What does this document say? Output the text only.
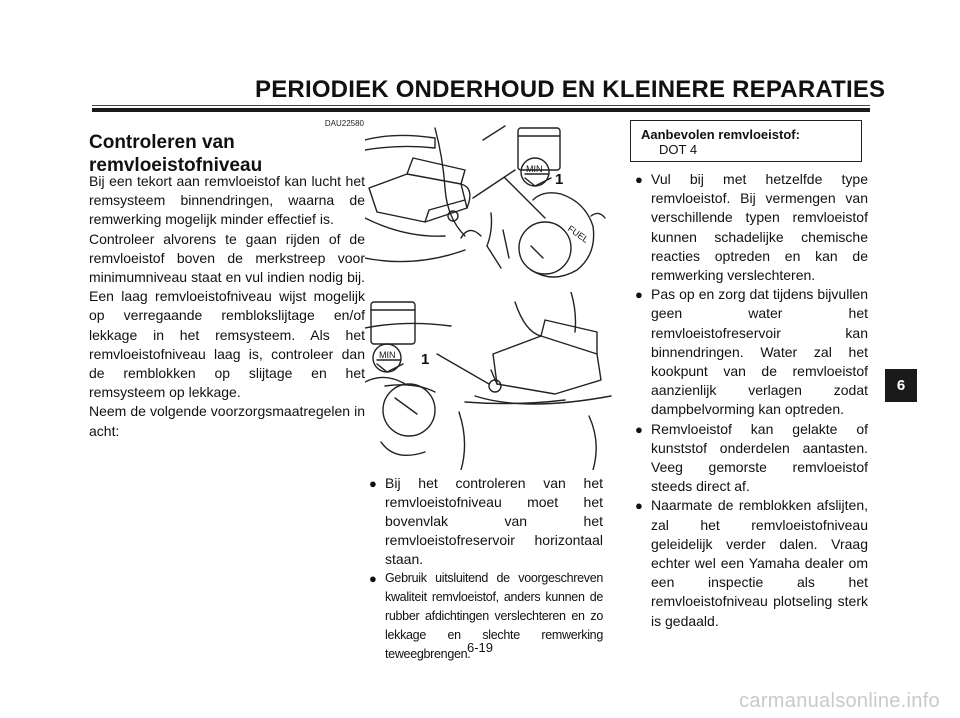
PERIODIEK ONDERHOUD EN KLEINERE REPARATIES
DAU22580
Controleren van
remvloeistofniveau

Bij een tekort aan remvloeistof kan lucht het remsysteem binnendringen, waarna de remwerking mogelijk minder effectief is.

Controleer alvorens te gaan rijden of de remvloeistof boven de merkstreep voor minimumniveau staat en vul indien nodig bij. Een laag remvloeistofniveau wijst mogelijk op verregaande remblokslijtage en/of lekkage in het remsysteem. Als het remvloeistofniveau laag is, controleer dan de remblokken op slijtage en het remsysteem op lekkage.

Neem de volgende voorzorgsmaatregelen in acht:

MIN
1
FUEL
MIN 1
● Bij het controleren van het remvloeistofniveau moet het bovenvlak van het remvloeistofreservoir horizontaal staan.
● Gebruik uitsluitend de voorgeschreven kwaliteit remvloeistof, anders kunnen de rubber afdichtingen verslechteren en zo lekkage en slechte remwerking teweegbrengen.
Aanbevolen remvloeistof:
DOT 4
● Vul bij met hetzelfde type remvloeistof. Bij vermengen van verschillende typen remvloeistof kunnen schadelijke chemische reacties optreden en kan de remwerking verslechteren.
● Pas op en zorg dat tijdens bijvullen geen water het remvloeistofreservoir kan binnendringen. Water zal het kookpunt van de remvloeistof aanzienlijk verlagen zodat dampbelvorming kan optreden.
● Remvloeistof kan gelakte of kunststof onderdelen aantasten. Veeg gemorste remvloeistof steeds direct af.
● Naarmate de remblokken afslijten, zal het remvloeistofniveau geleidelijk verder dalen. Vraag echter wel een Yamaha dealer om een inspectie als het remvloeistofniveau plotseling sterk is gedaald.
6-19
6
carmanualsonline.info
